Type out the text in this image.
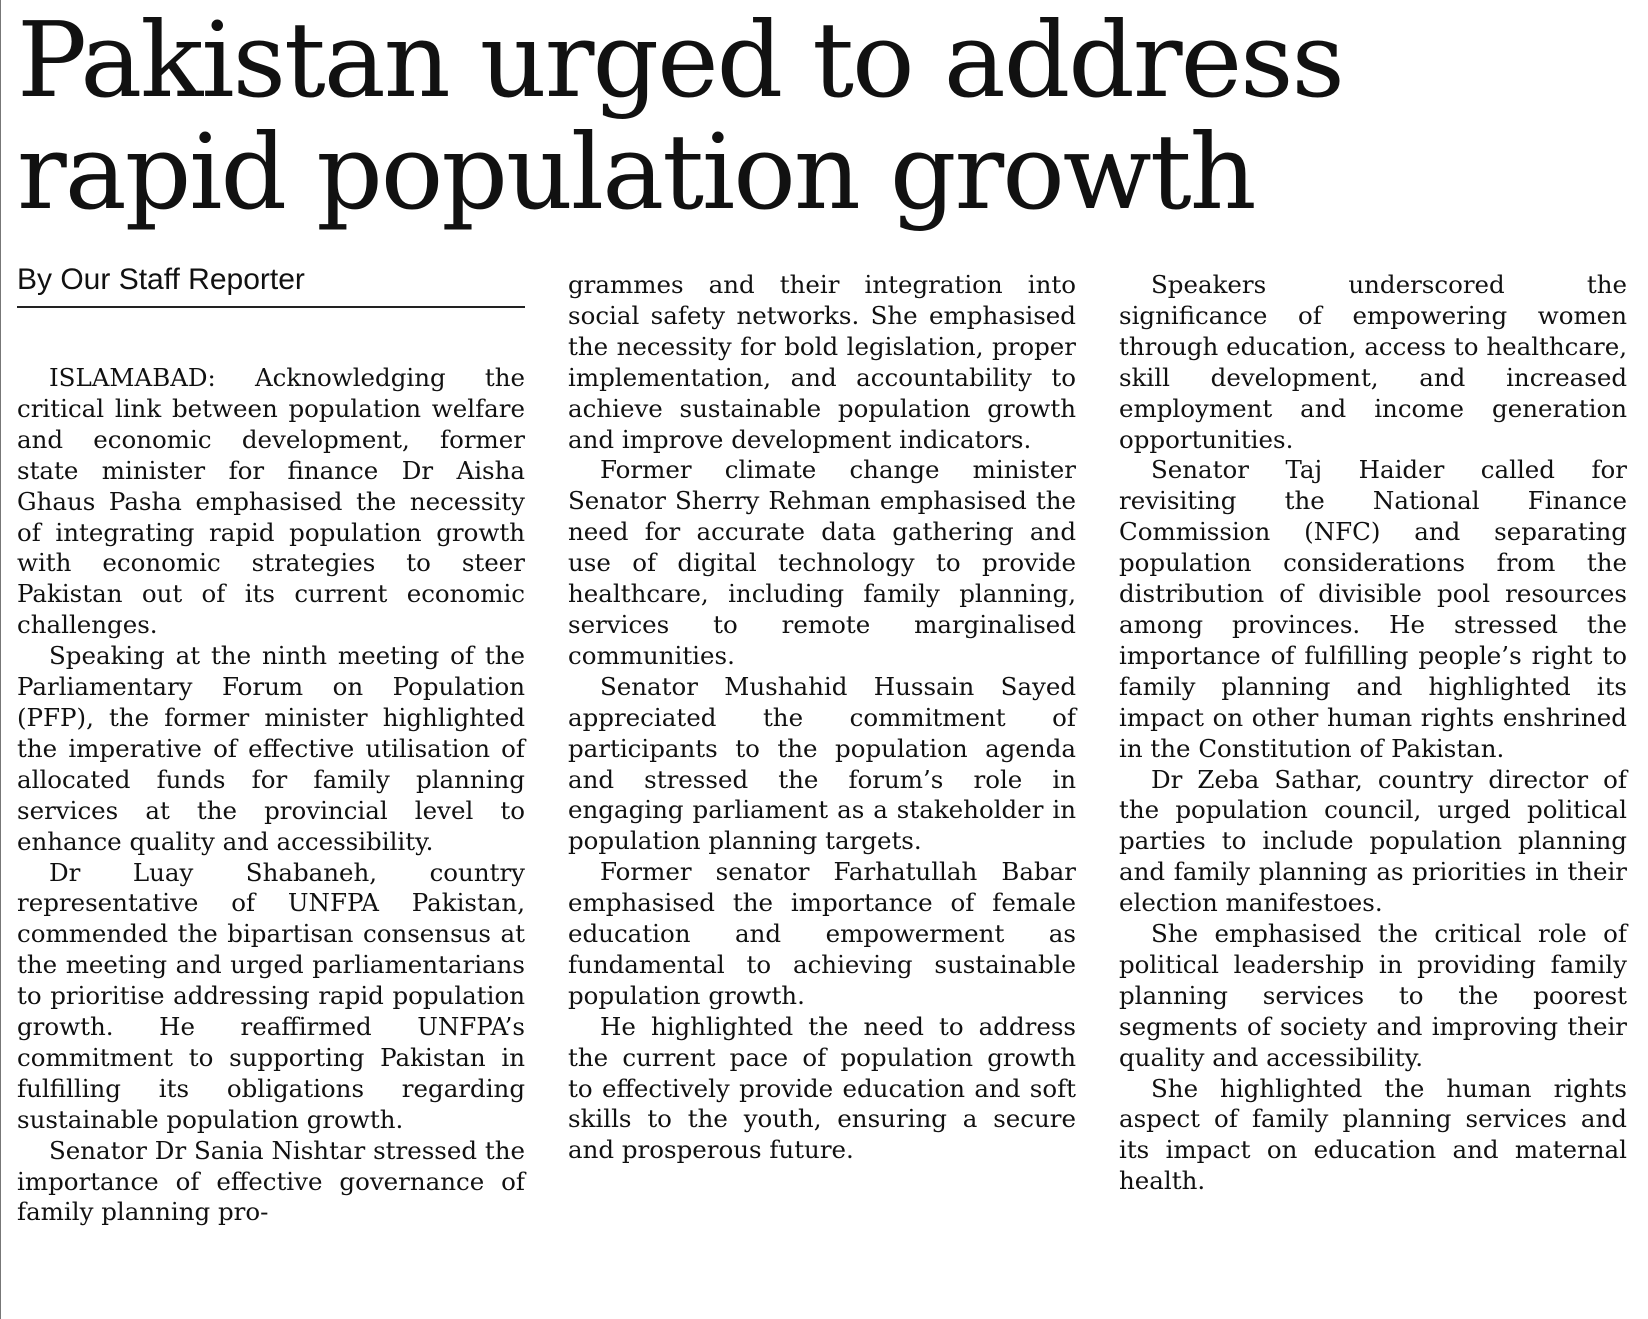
Pakistan urged to address rapid population growth
By Our Staff Reporter

ISLAMABAD: Acknowledging the critical link between population welfare and economic development, former state minister for finance Dr Aisha Ghaus Pasha emphasised the necessity of integrating rapid population growth with economic strategies to steer Pakistan out of its current economic challenges.

Speaking at the ninth meeting of the Parliamentary Forum on Population (PFP), the former minister highlighted the imperative of effective utilisation of allocated funds for family planning services at the provincial level to enhance quality and accessibility.

Dr Luay Shabaneh, country representative of UNFPA Pakistan, commended the bipartisan consensus at the meeting and urged parliamentarians to prioritise addressing rapid population growth. He reaffirmed UNFPA’s commitment to supporting Pakistan in fulfilling its obligations regarding sustainable population growth.

Senator Dr Sania Nishtar stressed the importance of effective governance of family planning pro-

grammes and their integration into social safety networks. She emphasised the necessity for bold legislation, proper implementation, and accountability to achieve sustainable population growth and improve development indicators.

Former climate change minister Senator Sherry Rehman emphasised the need for accurate data gathering and use of digital technology to provide healthcare, including family planning, services to remote marginalised communities.

Senator Mushahid Hussain Sayed appreciated the commitment of participants to the population agenda and stressed the forum’s role in engaging parliament as a stakeholder in population planning targets.

Former senator Farhatullah Babar emphasised the importance of female education and empowerment as fundamental to achieving sustainable population growth.

He highlighted the need to address the current pace of population growth to effectively provide education and soft skills to the youth, ensuring a secure and prosperous future.

Speakers underscored the significance of empowering women through education, access to healthcare, skill development, and increased employment and income generation opportunities.

Senator Taj Haider called for revisiting the National Finance Commission (NFC) and separating population considerations from the distribution of divisible pool resources among provinces. He stressed the importance of fulfilling people’s right to family planning and highlighted its impact on other human rights enshrined in the Constitution of Pakistan.

Dr Zeba Sathar, country director of the population council, urged political parties to include population planning and family planning as priorities in their election manifestoes.

She emphasised the critical role of political leadership in providing family planning services to the poorest segments of society and improving their quality and accessibility.

She highlighted the human rights aspect of family planning services and its impact on education and maternal health.
